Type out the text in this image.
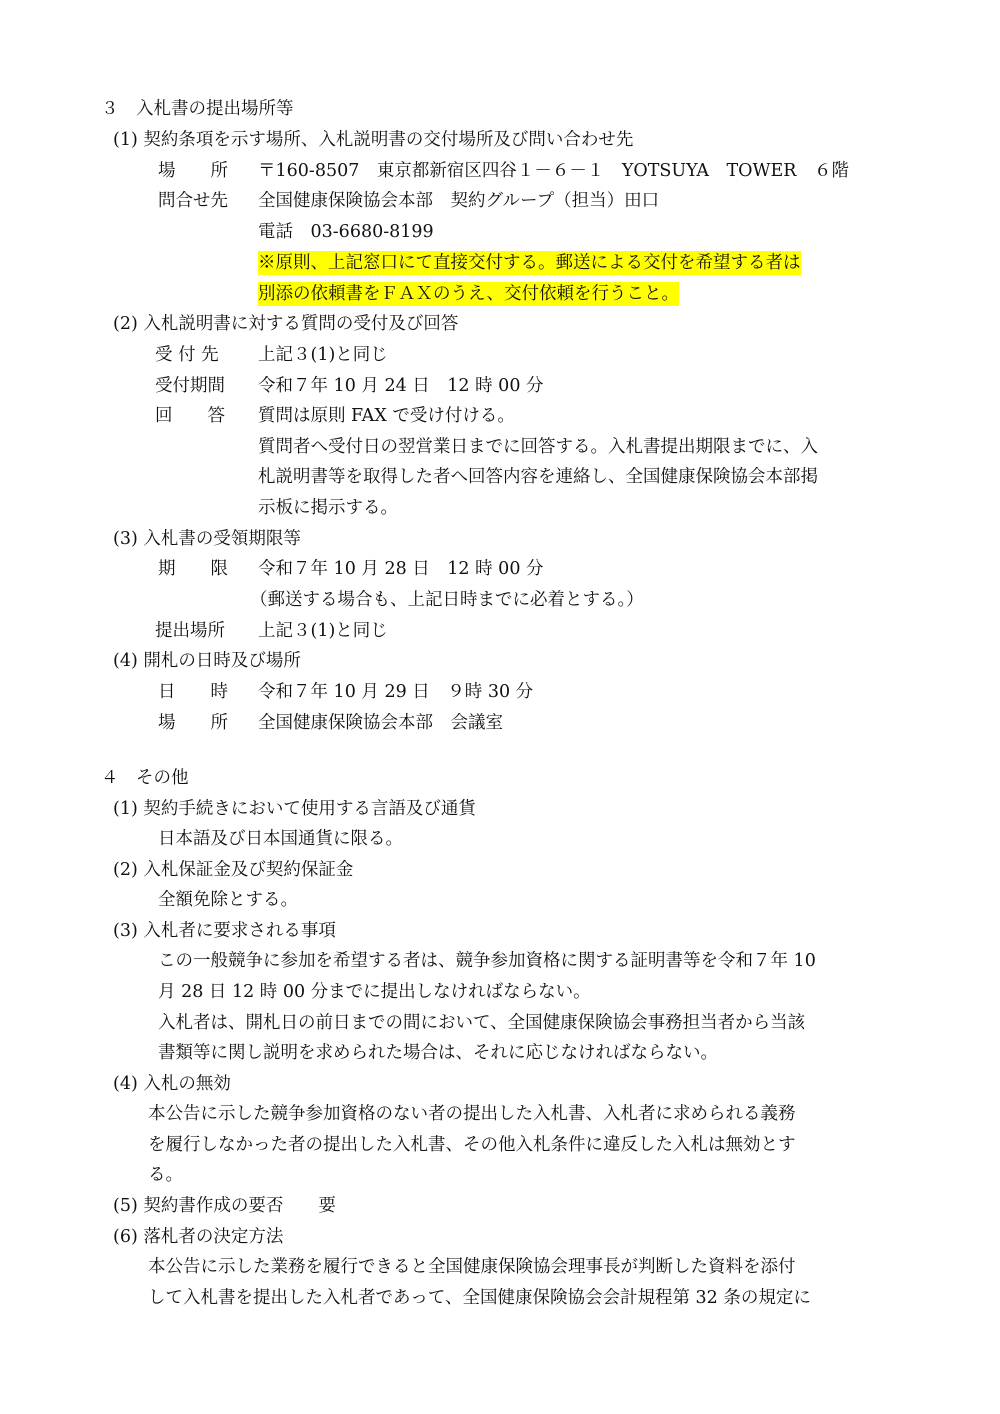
３　入札書の提出場所等
(1) 契約条項を示す場所、入札説明書の交付場所及び問い合わせ先
場　　所 〒160-8507　東京都新宿区四谷１－６－１　YOTSUYA　TOWER　６階
問合せ先 全国健康保険協会本部　契約グループ（担当）田口
電話　03-6680-8199
※原則、上記窓口にて直接交付する。郵送による交付を希望する者は
別添の依頼書をＦＡＸのうえ、交付依頼を行うこと。
(2) 入札説明書に対する質問の受付及び回答
受 付 先 上記３(1)と同じ
受付期間 令和７年 10 月 24 日　12 時 00 分
回　　答 質問は原則 FAX で受け付ける。
質問者へ受付日の翌営業日までに回答する。入札書提出期限までに、入
札説明書等を取得した者へ回答内容を連絡し、全国健康保険協会本部掲
示板に掲示する。
(3) 入札書の受領期限等
期　　限 令和７年 10 月 28 日　12 時 00 分
（郵送する場合も、上記日時までに必着とする。）
提出場所 上記３(1)と同じ
(4) 開札の日時及び場所
日　　時 令和７年 10 月 29 日　９時 30 分
場　　所 全国健康保険協会本部　会議室
４　その他
(1) 契約手続きにおいて使用する言語及び通貨
日本語及び日本国通貨に限る。
(2) 入札保証金及び契約保証金
全額免除とする。
(3) 入札者に要求される事項
この一般競争に参加を希望する者は、競争参加資格に関する証明書等を令和７年 10
月 28 日 12 時 00 分までに提出しなければならない。
入札者は、開札日の前日までの間において、全国健康保険協会事務担当者から当該
書類等に関し説明を求められた場合は、それに応じなければならない。
(4) 入札の無効
本公告に示した競争参加資格のない者の提出した入札書、入札者に求められる義務
を履行しなかった者の提出した入札書、その他入札条件に違反した入札は無効とす
る。
(5) 契約書作成の要否　　要
(6) 落札者の決定方法
本公告に示した業務を履行できると全国健康保険協会理事長が判断した資料を添付
して入札書を提出した入札者であって、全国健康保険協会会計規程第 32 条の規定に
